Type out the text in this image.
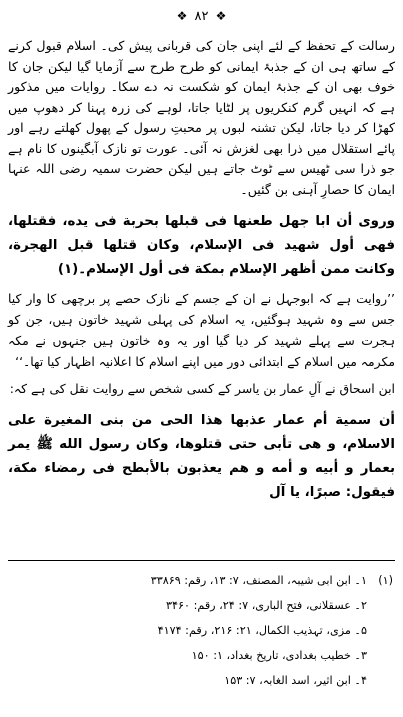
❖ ۸۲ ❖

رسالت کے تحفظ کے لئے اپنی جان کی قربانی پیش کی۔ اسلام قبول کرنے کے ساتھ ہی ان کے جذبۂ ایمانی کو طرح طرح سے آزمایا گیا لیکن جان کا خوف بھی ان کے جذبۂ ایمان کو شکست نہ دے سکا۔ روایات میں مذکور ہے کہ انہیں گرم کنکریوں پر لٹایا جاتا، لوہے کی زرہ پہنا کر دھوپ میں کھڑا کر دیا جاتا، لیکن تشنہ لبوں پر محبتِ رسول کے پھول کھلتے رہے اور پائے استقلال میں ذرا بھی لغزش نہ آئی۔ عورت تو نازک آبگینوں کا نام ہے جو ذرا سی ٹھیس سے ٹوٹ جاتے ہیں لیکن حضرت سمیہ رضی اللہ عنہا ایمان کا حصارِ آہنی بن گئیں۔

وروى أن ابا جهل طعنها فى قبلها بحربة فى يده، فقتلها، فهى أول شهيد فى الإسلام، وكان قتلها قبل الهجرة، وكانت ممن أظهر الإسلام بمكة فى أول الإسلام۔(۱)

’’روایت ہے کہ ابوجہل نے ان کے جسم کے نازک حصے پر برچھی کا وار کیا جس سے وہ شہید ہوگئیں، یہ اسلام کی پہلی شہید خاتون ہیں، جن کو ہجرت سے پہلے شہید کر دیا گیا اور یہ وہ خاتون ہیں جنہوں نے مکہ مکرمہ میں اسلام کے ابتدائی دور میں اپنے اسلام کا اعلانیہ اظہار کیا تھا۔‘‘

ابن اسحاق نے آلِ عمار بن یاسر کے کسی شخص سے روایت نقل کی ہے کہ:

أن سمية أم عمار عذبها هذا الحى من بنى المغيرة على الاسلام، و هى تأبى حتى قتلوها، وكان رسول الله ﷺ يمر بعمار و أبيه و أمه و هم يعذبون بالأبطح فى رمضاء مكة، فيقول: صبرًا، يا آل

(۱)
۱۔ ابن ابی شیبہ، المصنف، ۷: ۱۳، رقم: ۳۳۸۶۹
۲۔ عسقلانی، فتح الباری، ۷: ۲۴، رقم: ۳۴۶۰
۵۔ مزی، تہذیب الکمال، ۲۱: ۲۱۶، رقم: ۴۱۷۴
۳۔ خطیب بغدادی، تاریخ بغداد، ۱: ۱۵۰
۴۔ ابن اثیر، اسد الغابہ، ۷: ۱۵۳
